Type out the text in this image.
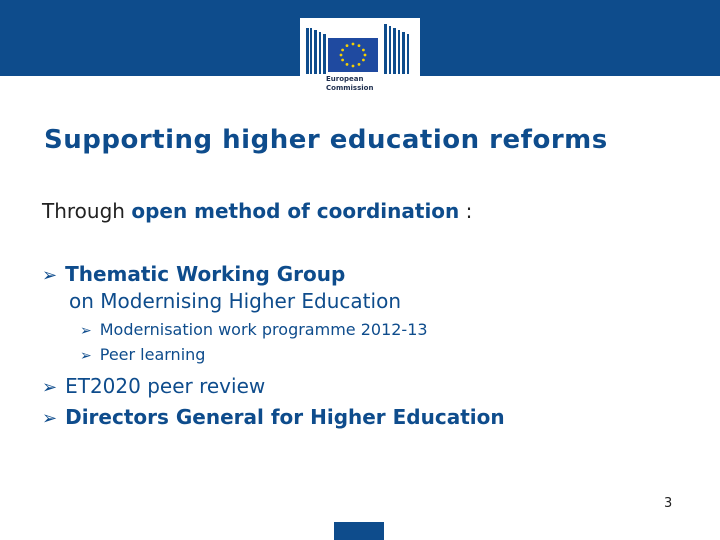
European
Commission
Supporting higher education reforms
Through open method of coordination :
➢ Thematic Working Group
on Modernising Higher Education
➢ Modernisation work programme 2012-13
➢ Peer learning
➢ ET2020 peer review
➢ Directors General for Higher Education
3
